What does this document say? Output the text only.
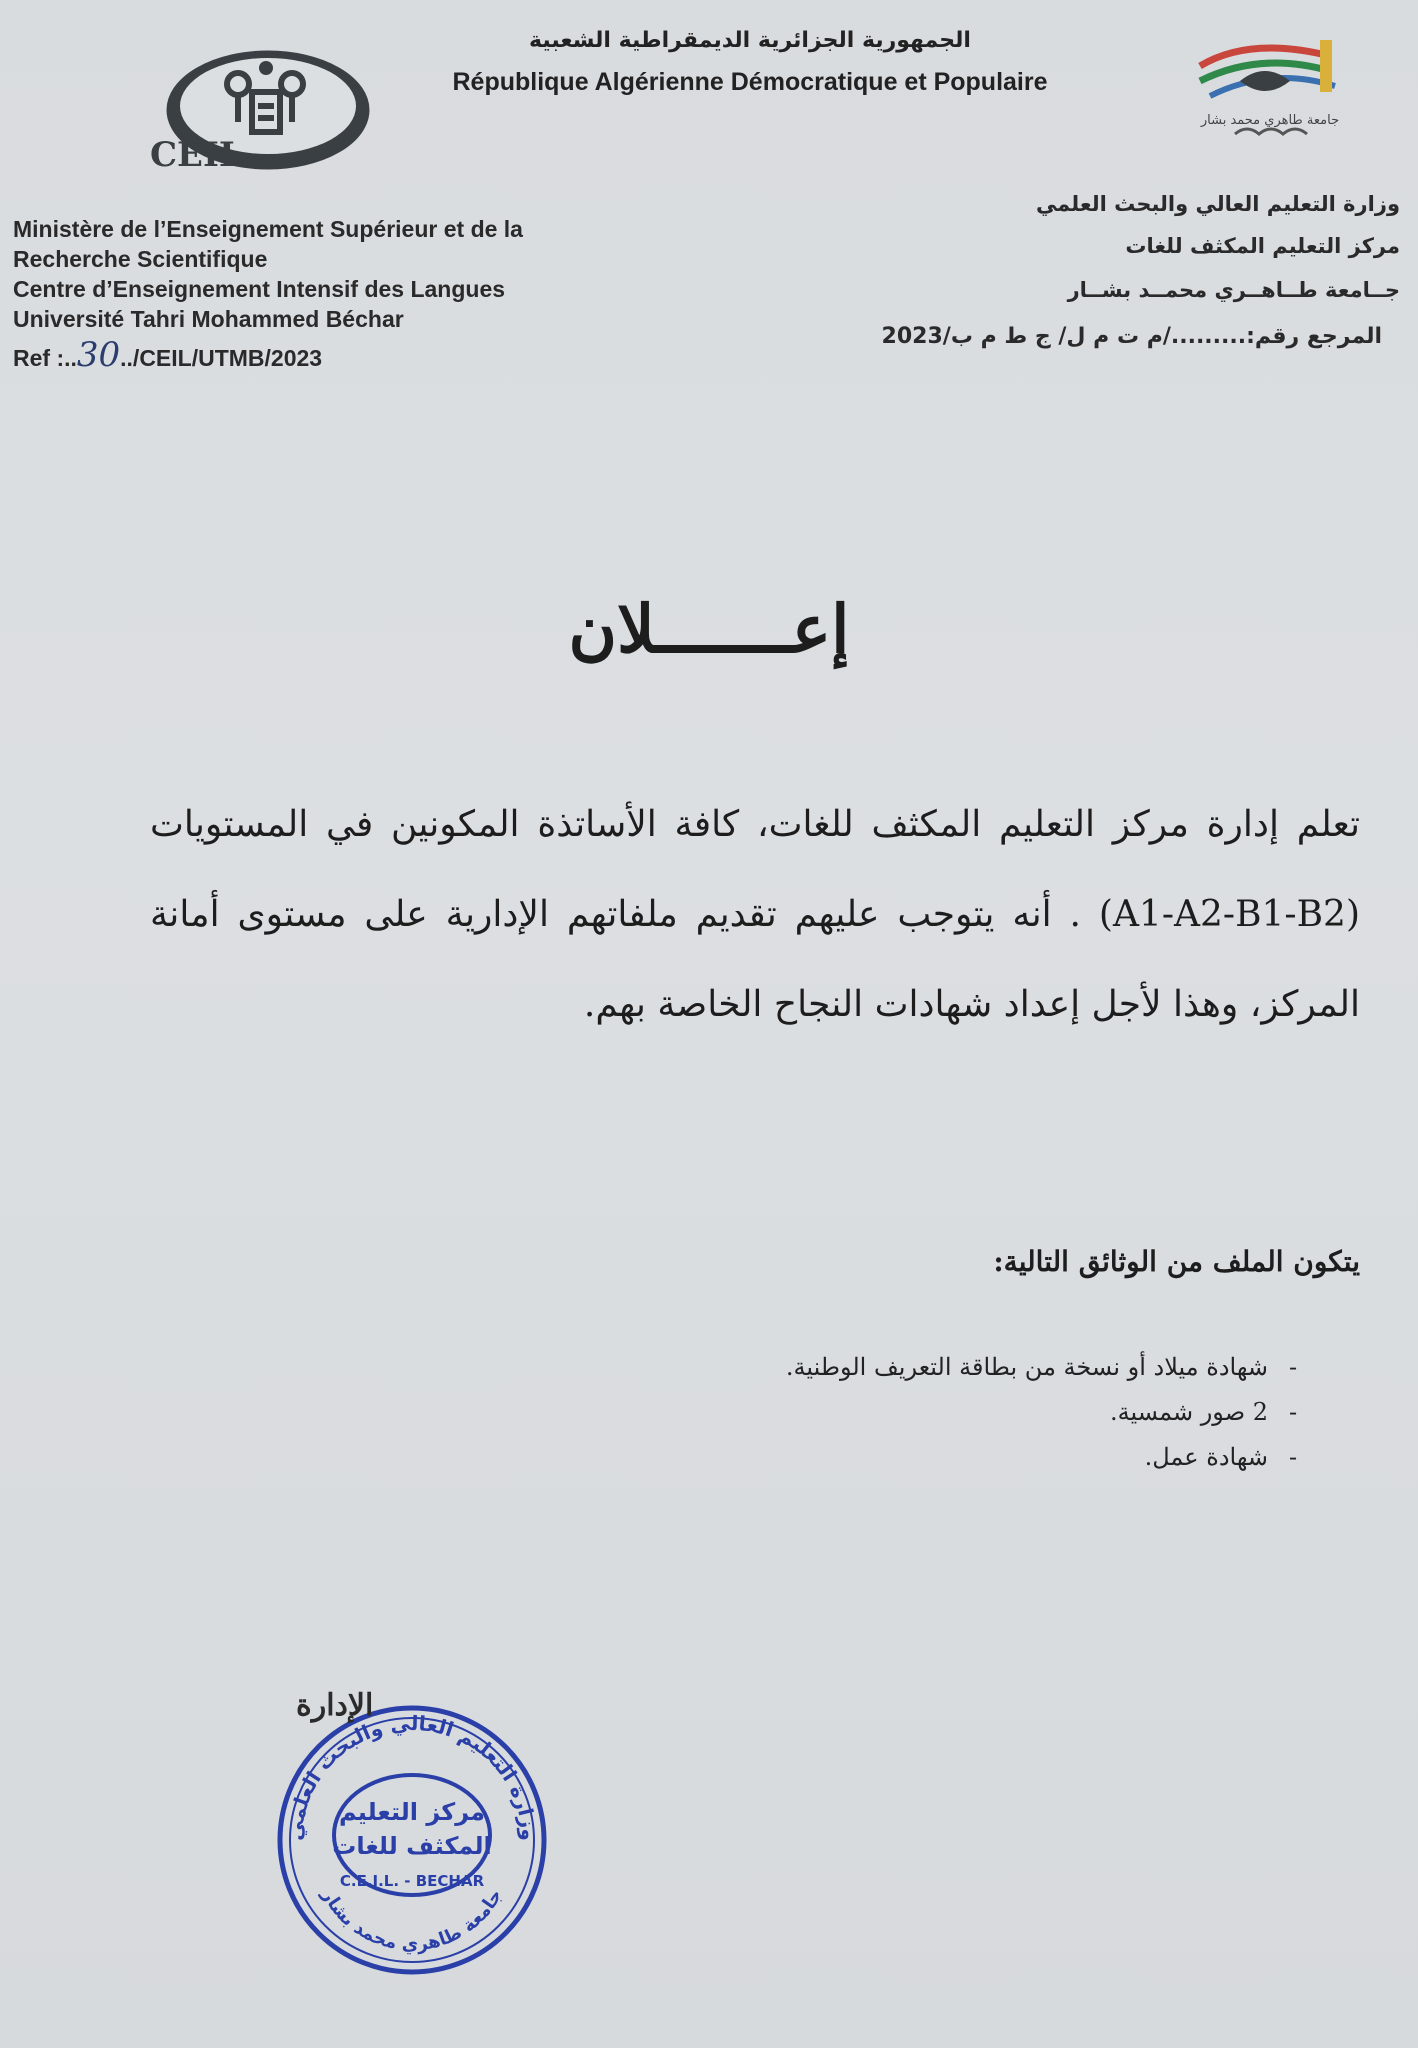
الجمهورية الجزائرية الديمقراطية الشعبية
République Algérienne Démocratique et Populaire
CEIL
جامعة طاهري محمد بشار
Ministère de l’Enseignement Supérieur et de la
Recherche Scientifique
Centre d’Enseignement Intensif des Langues
Université Tahri Mohammed Béchar
Ref :..30../CEIL/UTMB/2023
وزارة التعليم العالي والبحث العلمي
مركز التعليم المكثف للغات
جــامعة طــاهــري محمــد بشــار
المرجع رقم:........./م ت م ل/ ج ط م ب/2023
إعـــــــلان
تعلم إدارة مركز التعليم المكثف للغات، كافة الأساتذة المكونين في المستويات (A1-A2-B1-B2) . أنه يتوجب عليهم تقديم ملفاتهم الإدارية على مستوى أمانة المركز، وهذا لأجل إعداد شهادات النجاح الخاصة بهم.
يتكون الملف من الوثائق التالية:
-شهادة ميلاد أو نسخة من بطاقة التعريف الوطنية.
-2 صور شمسية.
-شهادة عمل.
وزارة التعليم العالي والبحث العلمي
جامعة طاهري محمد بشار
مركز التعليم
المكثف للغات
C.E.I.L. - BECHAR
الإدارة
